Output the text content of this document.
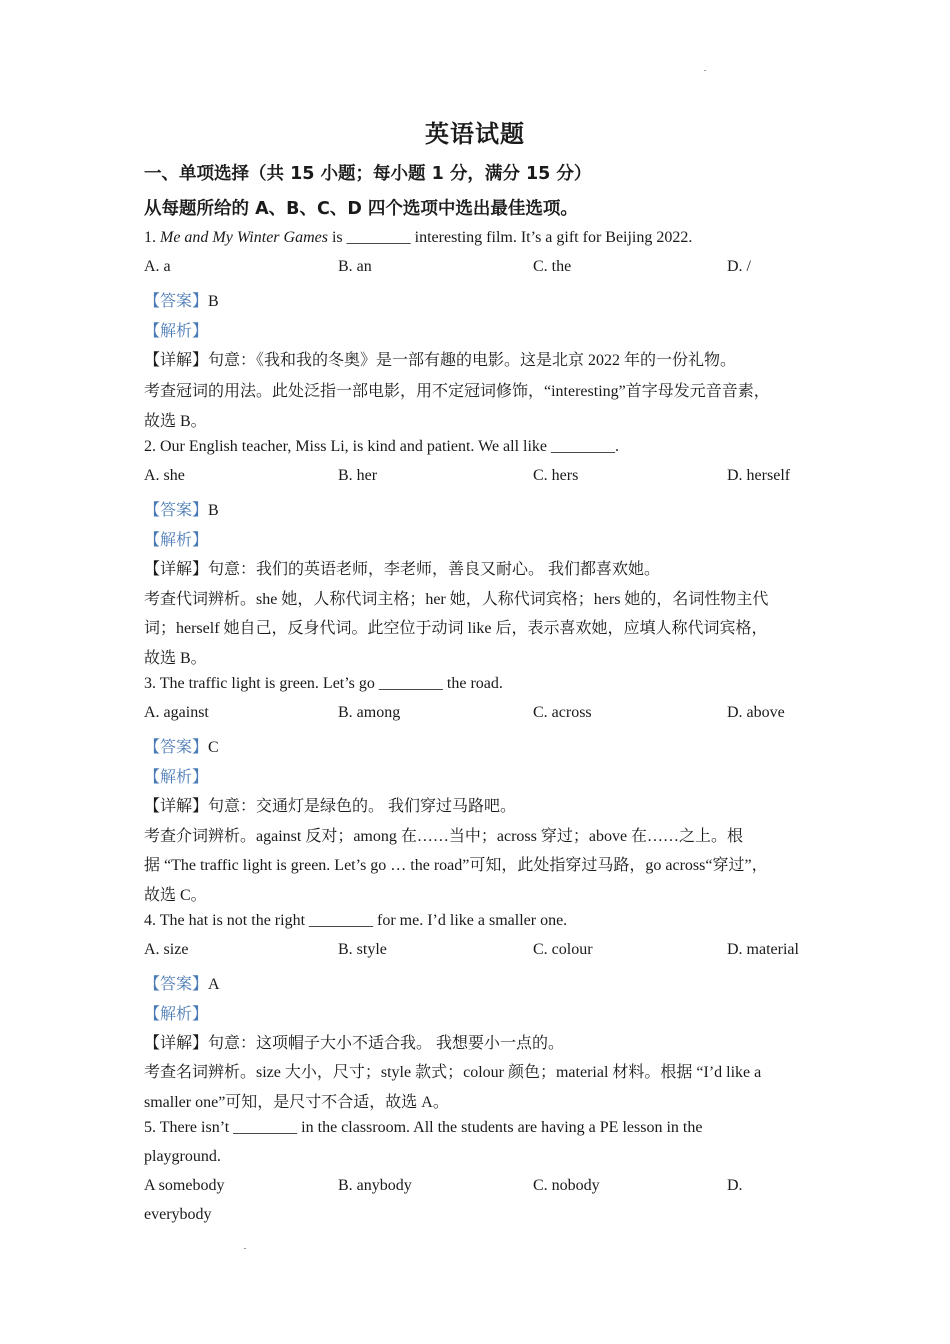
英语试题
一、单项选择（共 15 小题；每小题 1 分，满分 15 分）
从每题所给的 A、B、C、D 四个选项中选出最佳选项。
1. Me and My Winter Games is ________ interesting film. It’s a gift for Beijing 2022.
A. a	B. an	C. the	D. /
【答案】B
【解析】
【详解】句意：《我和我的冬奥》是一部有趣的电影。这是北京 2022 年的一份礼物。
考查冠词的用法。此处泛指一部电影，用不定冠词修饰，“interesting”首字母发元音音素，
故选 B。
2. Our English teacher, Miss Li, is kind and patient. We all like ________.
A. she	B. her	C. hers	D. herself
【答案】B
【解析】
【详解】句意：我们的英语老师，李老师，善良又耐心。 我们都喜欢她。
考查代词辨析。she 她，人称代词主格；her 她，人称代词宾格；hers 她的，名词性物主代
词；herself 她自己，反身代词。此空位于动词 like 后，表示喜欢她，应填人称代词宾格，
故选 B。
3. The traffic light is green. Let’s go ________ the road.
A. against	B. among	C. across	D. above
【答案】C
【解析】
【详解】句意：交通灯是绿色的。 我们穿过马路吧。
考查介词辨析。against 反对；among 在……当中；across 穿过；above 在……之上。根
据 “The traffic light is green. Let’s go … the road”可知，此处指穿过马路，go across“穿过”，
故选 C。
4. The hat is not the right ________ for me. I’d like a smaller one.
A. size	B. style	C. colour	D. material
【答案】A
【解析】
【详解】句意：这项帽子大小不适合我。 我想要小一点的。
考查名词辨析。size 大小，尺寸；style 款式；colour 颜色；material 材料。根据 “I’d like a
smaller one”可知，是尺寸不合适，故选 A。
5. There isn’t ________ in the classroom. All the students are having a PE lesson in the
playground.
A somebody	B. anybody	C. nobody	D.
everybody
